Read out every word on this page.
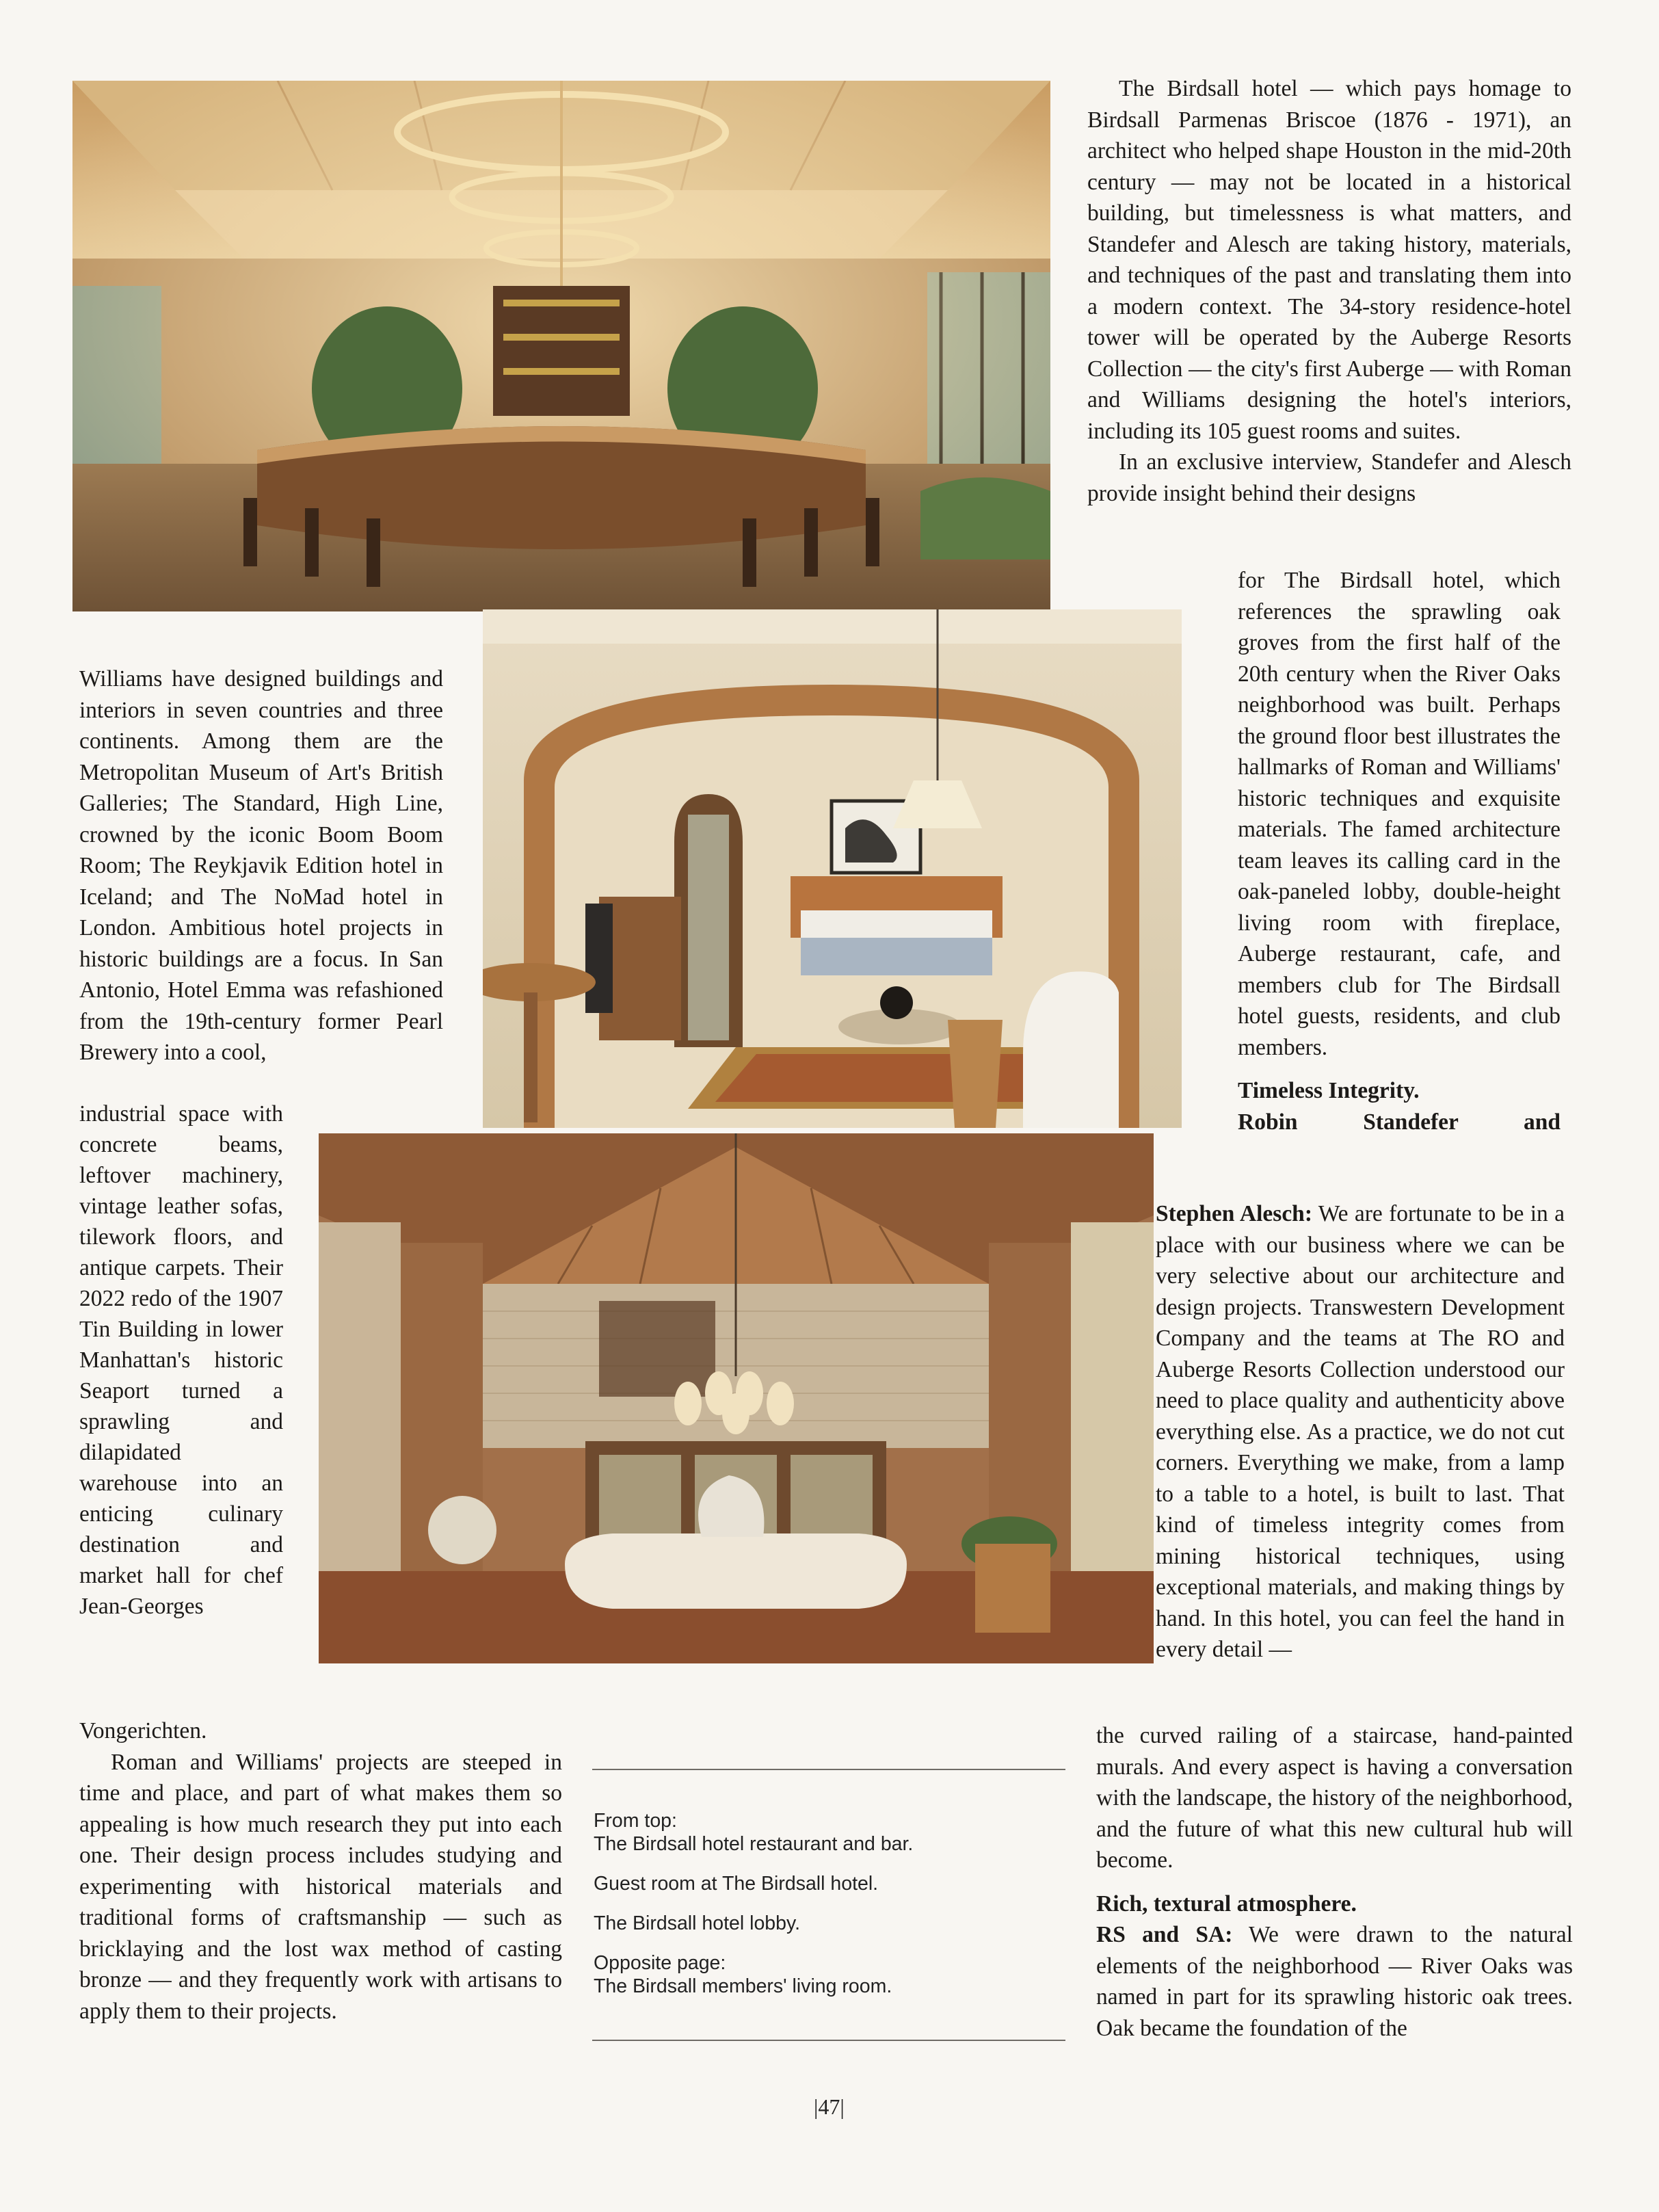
The Birdsall hotel — which pays homage to Birdsall Parmenas Briscoe (1876 - 1971), an architect who helped shape Houston in the mid-20th century — may not be located in a historical building, but timelessness is what matters, and Standefer and Alesch are taking history, materials, and techniques of the past and translating them into a modern context. The 34-story residence-hotel tower will be operated by the Auberge Resorts Collection — the city's first Auberge — with Roman and Williams designing the hotel's interiors, including its 105 guest rooms and suites.

In an exclusive interview, Standefer and Alesch provide insight behind their designs

for The Birdsall hotel, which references the sprawling oak groves from the first half of the 20th century when the River Oaks neighborhood was built. Perhaps the ground floor best illustrates the hallmarks of Roman and Williams' historic techniques and exquisite materials. The famed architecture team leaves its calling card in the oak-paneled lobby, double-height living room with fireplace, Auberge restaurant, cafe, and members club for The Birdsall hotel guests, residents, and club members.

Timeless Integrity.

Robin Standefer and

Stephen Alesch: We are fortunate to be in a place with our business where we can be very selective about our architecture and design projects. Transwestern Development Company and the teams at The RO and Auberge Resorts Collection understood our need to place quality and authenticity above everything else. As a practice, we do not cut corners. Everything we make, from a lamp to a table to a hotel, is built to last. That kind of timeless integrity comes from mining historical techniques, using exceptional materials, and making things by hand. In this hotel, you can feel the hand in every detail —

the curved railing of a staircase, hand-painted murals. And every aspect is having a conversation with the landscape, the history of the neighborhood, and the future of what this new cultural hub will become.

Rich, textural atmosphere.

RS and SA: We were drawn to the natural elements of the neighborhood — River Oaks was named in part for its sprawling historic oak trees. Oak became the foundation of the

Williams have designed buildings and interiors in seven countries and three continents. Among them are the Metropolitan Museum of Art's British Galleries; The Standard, High Line, crowned by the iconic Boom Boom Room; The Reykjavik Edition hotel in Iceland; and The NoMad hotel in London. Ambitious hotel projects in historic buildings are a focus. In San Antonio, Hotel Emma was refashioned from the 19th-century former Pearl Brewery into a cool,

industrial space with concrete beams, leftover machinery, vintage leather sofas, tilework floors, and antique carpets. Their 2022 redo of the 1907 Tin Building in lower Manhattan's historic Seaport turned a sprawling and dilapidated warehouse into an enticing culinary destination and market hall for chef Jean-Georges

Vongerichten.

Roman and Williams' projects are steeped in time and place, and part of what makes them so appealing is how much research they put into each one. Their design process includes studying and experimenting with historical materials and traditional forms of craftsmanship — such as bricklaying and the lost wax method of casting bronze — and they frequently work with artisans to apply them to their projects.

From top:

The Birdsall hotel restaurant and bar.

Guest room at The Birdsall hotel.

The Birdsall hotel lobby.

Opposite page:

The Birdsall members' living room.

|47|
